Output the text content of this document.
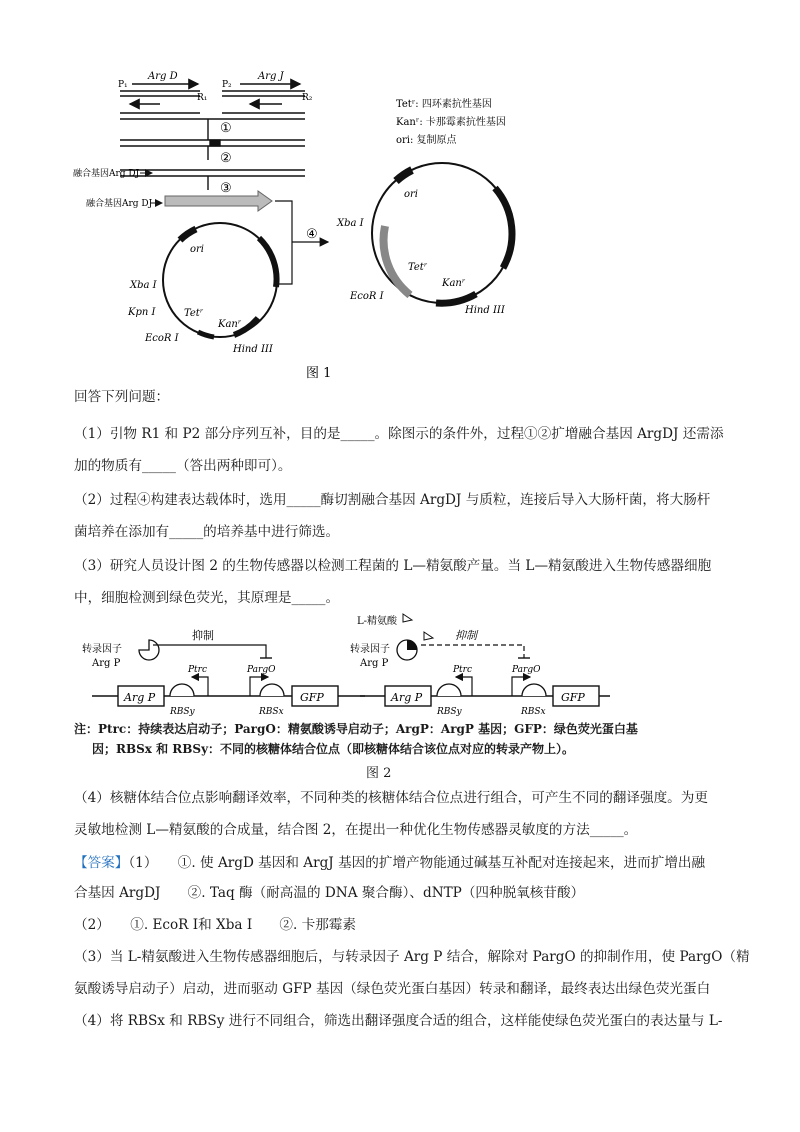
P₁
R₁
P₂
R₂
Arg D	Arg J
①
②
③
融合基因Arg DJ
融合基因Arg DJ
④
ori
Xba I
Kpn I
EcoR I
Tetʳ
Kanʳ
Hind III
ori
Xba I
EcoR I
Tetʳ
Kanʳ
Hind III
Tetʳ: 四环素抗性基因
Kanʳ: 卡那霉素抗性基因
ori: 复制原点
图 1
回答下列问题：
（1）引物 R1 和 P2 部分序列互补，目的是_____。除图示的条件外，过程①②扩增融合基因 ArgDJ 还需添
加的物质有_____（答出两种即可）。
（2）过程④构建表达载体时，选用_____酶切割融合基因 ArgDJ 与质粒，连接后导入大肠杆菌，将大肠杆
菌培养在添加有_____的培养基中进行筛选。
（3）研究人员设计图 2 的生物传感器以检测工程菌的 L—精氨酸产量。当 L—精氨酸进入生物传感器细胞
中，细胞检测到绿色荧光，其原理是_____。
转录因子
Arg P
抑制
Ptrc	PargO
Arg P
RBSy	RBSx
GFP
L-精氨酸
转录因子
Arg P
抑制
Ptrc	PargO
Arg P
RBSy	RBSx
GFP
注：Ptrc：持续表达启动子；PargO：精氨酸诱导启动子；ArgP：ArgP 基因；GFP：绿色荧光蛋白基
因；RBSx 和 RBSy：不同的核糖体结合位点（即核糖体结合该位点对应的转录产物上）。
图 2
（4）核糖体结合位点影响翻译效率，不同种类的核糖体结合位点进行组合，可产生不同的翻译强度。为更
灵敏地检测 L—精氨酸的合成量，结合图 2，在提出一种优化生物传感器灵敏度的方法_____。
【答案】（1）　　①. 使 ArgD 基因和 ArgJ 基因的扩增产物能通过碱基互补配对连接起来，进而扩增出融
合基因 ArgDJ　　②. Taq 酶（耐高温的 DNA 聚合酶）、dNTP（四种脱氧核苷酸）
（2）　　①. EcoR I和 Xba I　　②. 卡那霉素
（3）当 L-精氨酸进入生物传感器细胞后，与转录因子 Arg P 结合，解除对 PargO 的抑制作用，使 PargO（精
氨酸诱导启动子）启动，进而驱动 GFP 基因（绿色荧光蛋白基因）转录和翻译，最终表达出绿色荧光蛋白
（4）将 RBSx 和 RBSy 进行不同组合，筛选出翻译强度合适的组合，这样能使绿色荧光蛋白的表达量与 L-
